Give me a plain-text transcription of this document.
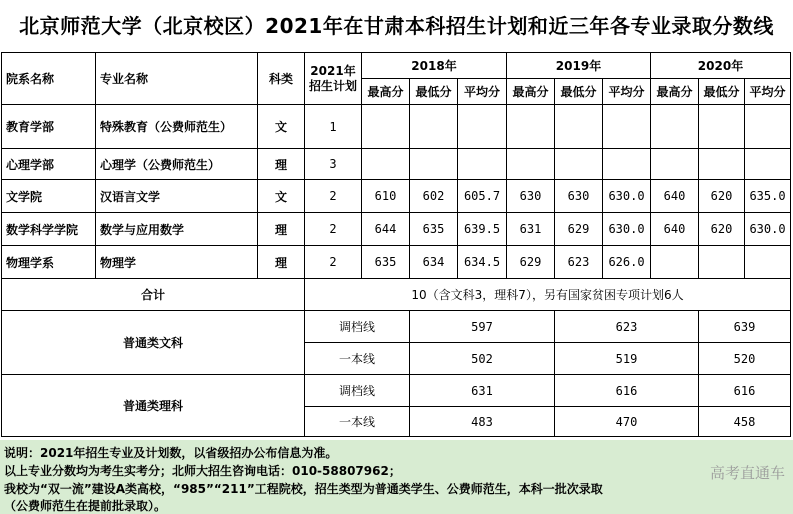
北京师范大学（北京校区）2021年在甘肃本科招生计划和近三年各专业录取分数线
院系名称	专业名称	科类	2021年
招生计划	2018年			2019年			2020年		
				最高分	最低分	平均分	最高分	最低分	平均分	最高分	最低分	平均分
教育学部	特殊教育（公费师范生）	文	1									
心理学部	心理学（公费师范生）	理	3									
文学院	汉语言文学	文	2	610	602	605.7	630	630	630.0	640	620	635.0
数学科学学院	数学与应用数学	理	2	644	635	639.5	631	629	630.0	640	620	630.0
物理学系	物理学	理	2	635	634	634.5	629	623	626.0			
合计			10（含文科3，理科7），另有国家贫困专项计划6人									
普通类文科			调档线		597			623			639	
			一本线		502			519			520	
普通类理科			调档线		631			616			616	
			一本线		483			470			458	
说明：2021年招生专业及计划数，以省级招办公布信息为准。
以上专业分数均为考生实考分；北师大招生咨询电话：010-58807962；
我校为“双一流”建设A类高校，“985”“211”工程院校，招生类型为普通类学生、公费师范生，本科一批次录取
（公费师范生在提前批录取）。
高考直通车
